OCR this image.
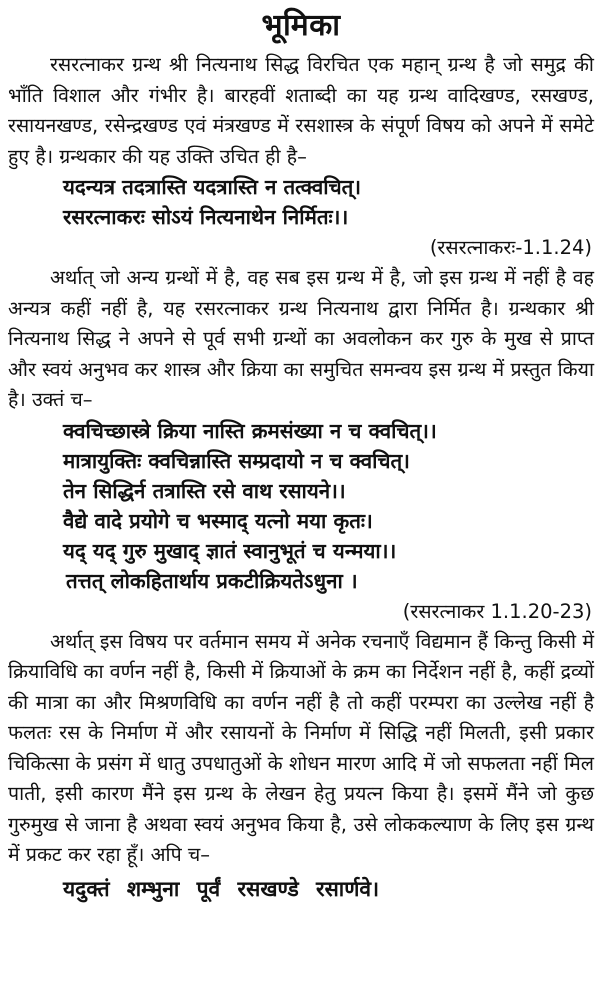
भूमिका

रसरत्नाकर ग्रन्थ श्री नित्यनाथ सिद्ध विरचित एक महान् ग्रन्थ है जो समुद्र की भाँति विशाल और गंभीर है। बारहवीं शताब्दी का यह ग्रन्थ वादिखण्ड, रसखण्ड, रसायनखण्ड, रसेन्द्रखण्ड एवं मंत्रखण्ड में रसशास्त्र के संपूर्ण विषय को अपने में समेटे हुए है। ग्रन्थकार की यह उक्ति उचित ही है–

यदन्यत्र तदत्रास्ति यदत्रास्ति न तत्क्वचित्।

रसरत्नाकरः सोऽयं नित्यनाथेन निर्मितः।।

(रसरत्नाकरः-1.1.24)

अर्थात् जो अन्य ग्रन्थों में है, वह सब इस ग्रन्थ में है, जो इस ग्रन्थ में नहीं है वह अन्यत्र कहीं नहीं है, यह रसरत्नाकर ग्रन्थ नित्यनाथ द्वारा निर्मित है। ग्रन्थकार श्री नित्यनाथ सिद्ध ने अपने से पूर्व सभी ग्रन्थों का अवलोकन कर गुरु के मुख से प्राप्त और स्वयं अनुभव कर शास्त्र और क्रिया का समुचित समन्वय इस ग्रन्थ में प्रस्तुत किया है। उक्तं च–

क्वचिच्छास्त्रे क्रिया नास्ति क्रमसंख्या न च क्वचित्।।

मात्रायुक्तिः क्वचिन्नास्ति सम्प्रदायो न च क्वचित्।

तेन सिद्धिर्न तत्रास्ति रसे वाथ रसायने।।

वैद्ये वादे प्रयोगे च भस्माद् यत्नो मया कृतः।

यद् यद् गुरु मुखाद् ज्ञातं स्वानुभूतं च यन्मया।।

तत्तत् लोकहितार्थाय प्रकटीक्रियतेऽधुना ।

(रसरत्नाकर 1.1.20-23)

अर्थात् इस विषय पर वर्तमान समय में अनेक रचनाएँ विद्यमान हैं किन्तु किसी में क्रियाविधि का वर्णन नहीं है, किसी में क्रियाओं के क्रम का निर्देशन नहीं है, कहीं द्रव्यों की मात्रा का और मिश्रणविधि का वर्णन नहीं है तो कहीं परम्परा का उल्लेख नहीं है फलतः रस के निर्माण में और रसायनों के निर्माण में सिद्धि नहीं मिलती, इसी प्रकार चिकित्सा के प्रसंग में धातु उपधातुओं के शोधन मारण आदि में जो सफलता नहीं मिल पाती, इसी कारण मैंने इस ग्रन्थ के लेखन हेतु प्रयत्न किया है। इसमें मैंने जो कुछ गुरुमुख से जाना है अथवा स्वयं अनुभव किया है, उसे लोककल्याण के लिए इस ग्रन्थ में प्रकट कर रहा हूँ। अपि च–

यदुक्तं शम्भुना पूर्वं रसखण्डे रसार्णवे।
